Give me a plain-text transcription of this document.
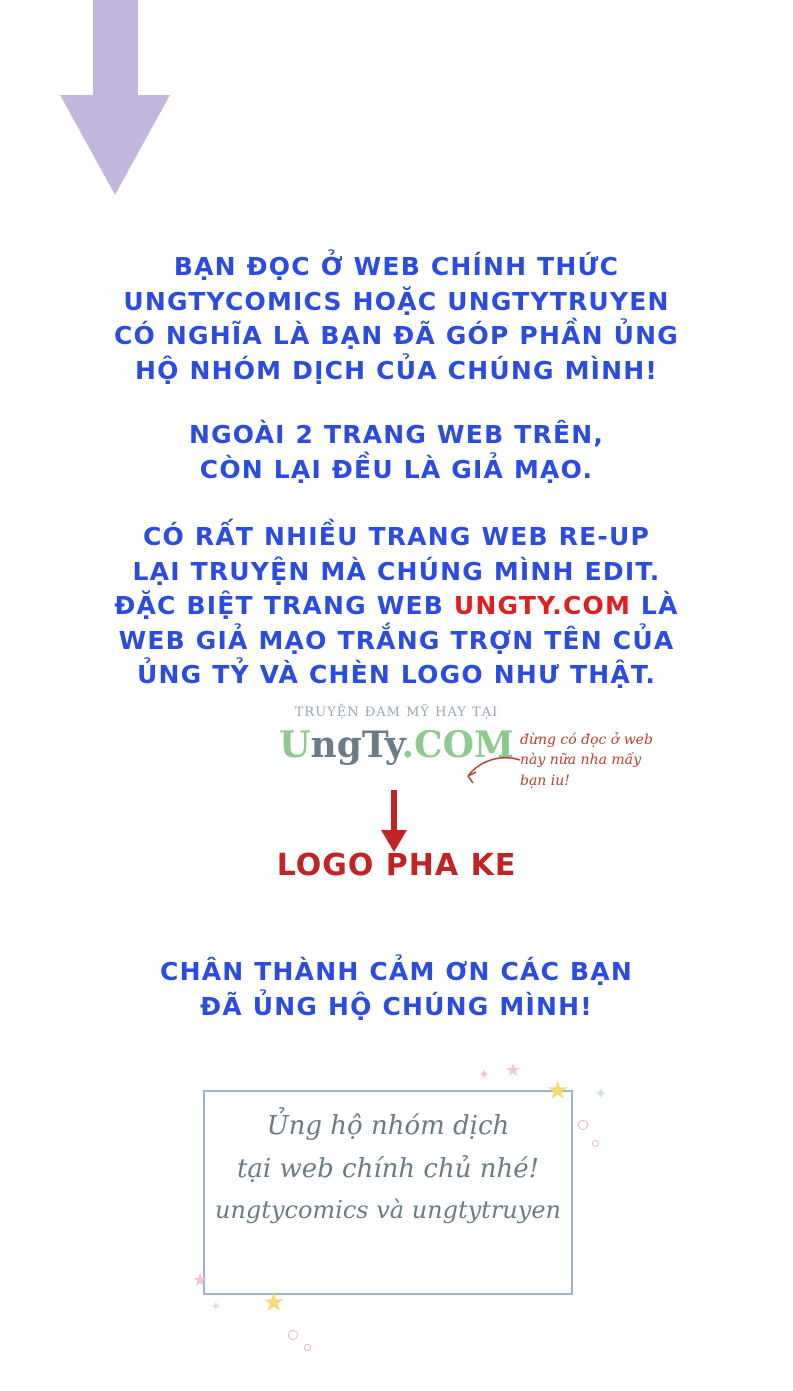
BẠN ĐỌC Ở WEB CHÍNH THỨC
UNGTYCOMICS HOẶC UNGTYTRUYEN
CÓ NGHĨA LÀ BẠN ĐÃ GÓP PHẦN ỦNG
HỘ NHÓM DỊCH CỦA CHÚNG MÌNH!
NGOÀI 2 TRANG WEB TRÊN,
CÒN LẠI ĐỀU LÀ GIẢ MẠO.
CÓ RẤT NHIỀU TRANG WEB RE-UP
LẠI TRUYỆN MÀ CHÚNG MÌNH EDIT.
ĐẶC BIỆT TRANG WEB UNGTY.COM LÀ
WEB GIẢ MẠO TRẮNG TRỢN TÊN CỦA
ỦNG TỶ VÀ CHÈN LOGO NHƯ THẬT.
TRUYỆN ĐAM MỸ HAY TẠI
UngTy.COM đừng có đọc ở web này nữa nha mấy bạn iu!
LOGO PHA KE
CHÂN THÀNH CẢM ƠN CÁC BẠN
ĐÃ ỦNG HỘ CHÚNG MÌNH!
Ủng hộ nhóm dịch
tại web chính chủ nhé!
ungtycomics và ungtytruyen
★
★
✦
✦
★
★
✦
